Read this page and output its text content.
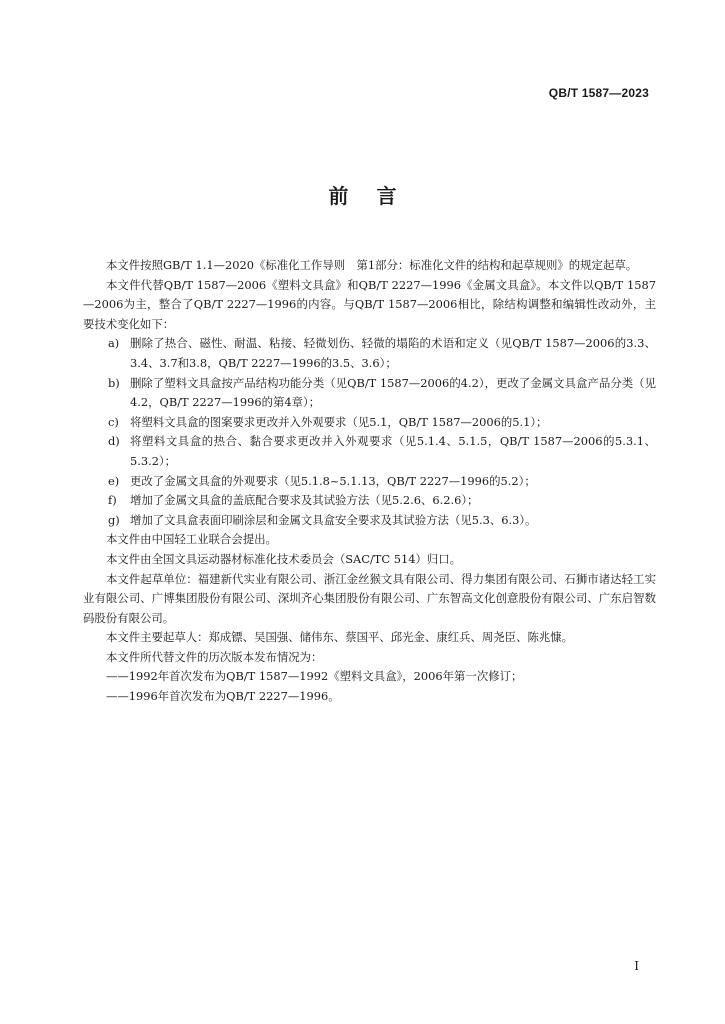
QB/T 1587—2023
前言

本文件按照GB/T 1.1—2020《标准化工作导则　第1部分：标准化文件的结构和起草规则》的规定起草。

本文件代替QB/T 1587—2006《塑料文具盒》和QB/T 2227—1996《金属文具盒》。本文件以QB/T 1587—2006为主，整合了QB/T 2227—1996的内容。与QB/T 1587—2006相比，除结构调整和编辑性改动外，主要技术变化如下：

a) 删除了热合、磁性、耐温、粘接、轻微划伤、轻微的塌陷的术语和定义（见QB/T 1587—2006的3.3、3.4、3.7和3.8，QB/T 2227—1996的3.5、3.6）；
b) 删除了塑料文具盒按产品结构功能分类（见QB/T 1587—2006的4.2），更改了金属文具盒产品分类（见4.2，QB/T 2227—1996的第4章）；
c) 将塑料文具盒的图案要求更改并入外观要求（见5.1，QB/T 1587—2006的5.1）；
d) 将塑料文具盒的热合、黏合要求更改并入外观要求（见5.1.4、5.1.5，QB/T 1587—2006的5.3.1、5.3.2）；
e) 更改了金属文具盒的外观要求（见5.1.8~5.1.13，QB/T 2227—1996的5.2）；
f)	增加了金属文具盒的盖底配合要求及其试验方法（见5.2.6、6.2.6）；
g) 增加了文具盒表面印刷涂层和金属文具盒安全要求及其试验方法（见5.3、6.3）。

本文件由中国轻工业联合会提出。

本文件由全国文具运动器材标准化技术委员会（SAC/TC 514）归口。

本文件起草单位：福建新代实业有限公司、浙江金丝猴文具有限公司、得力集团有限公司、石狮市诸达轻工实业有限公司、广博集团股份有限公司、深圳齐心集团股份有限公司、广东智高文化创意股份有限公司、广东启智数码股份有限公司。

本文件主要起草人：郑成镖、吴国强、储伟东、蔡国平、邱光金、康红兵、周尧臣、陈兆慷。

本文件所代替文件的历次版本发布情况为：

——1992年首次发布为QB/T 1587—1992《塑料文具盒》，2006年第一次修订；

——1996年首次发布为QB/T 2227—1996。

I
